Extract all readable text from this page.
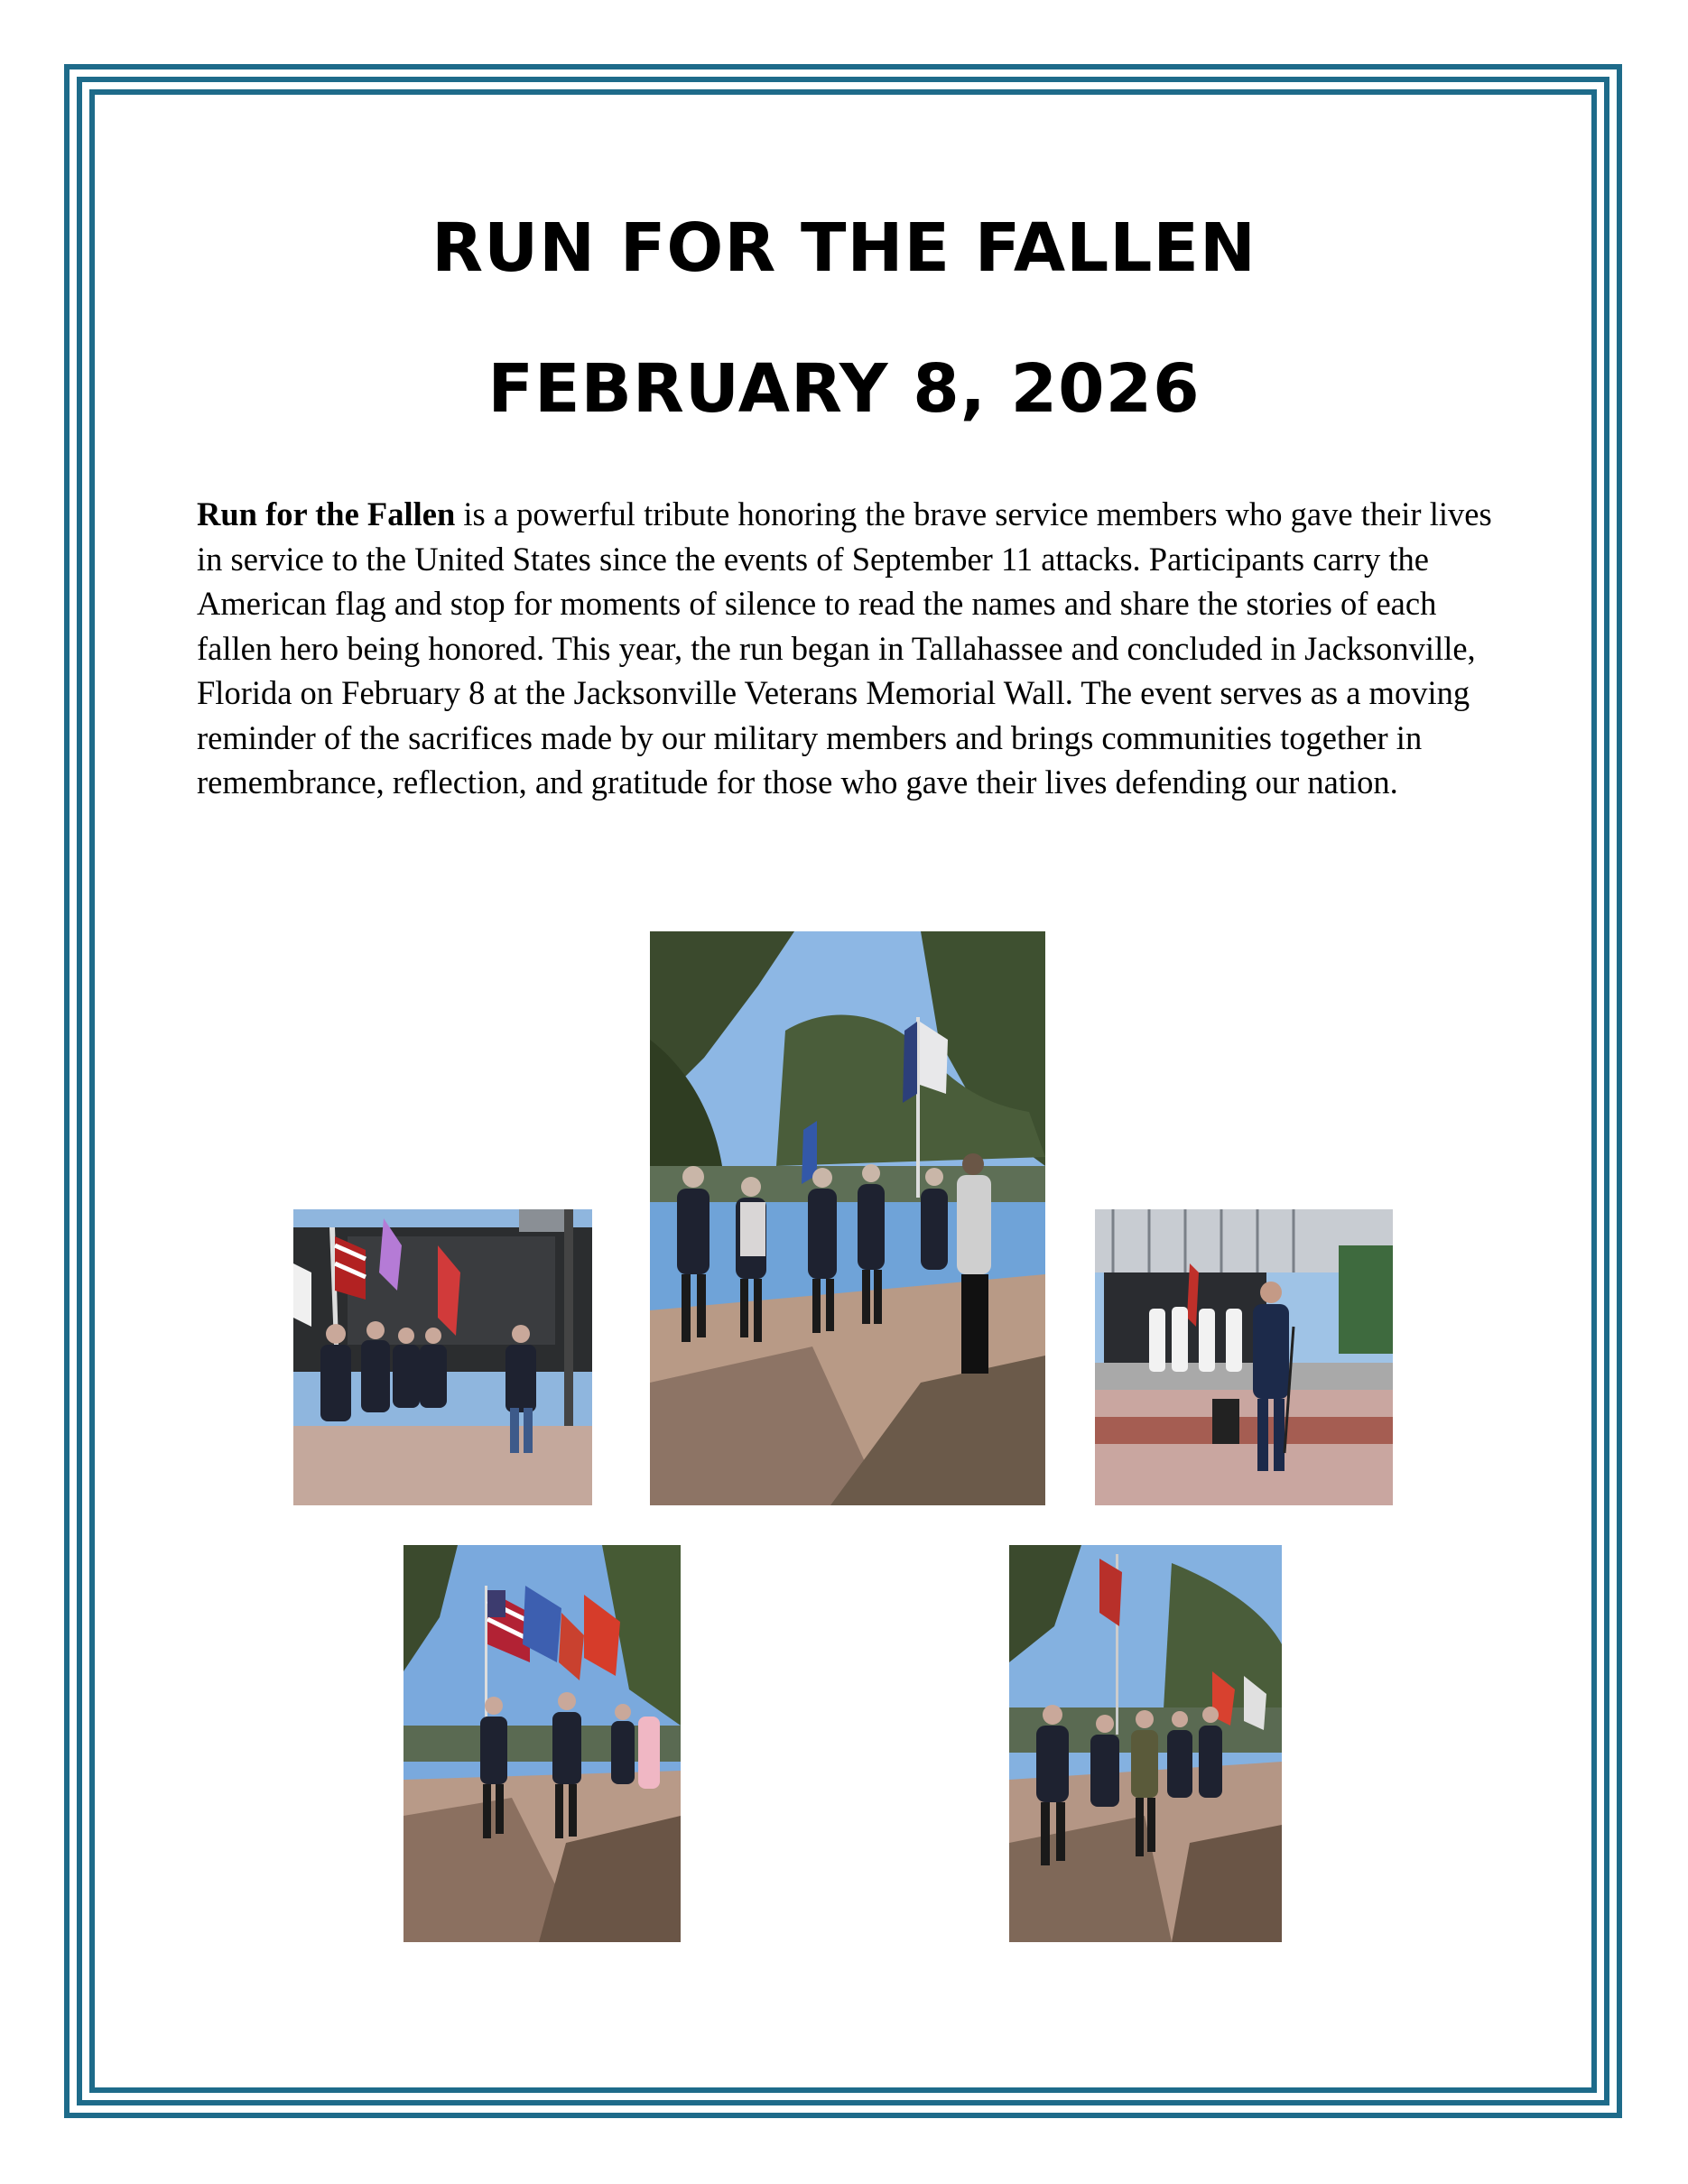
RUN FOR THE FALLEN
FEBRUARY 8, 2026

Run for the Fallen is a powerful tribute honoring the brave service members who gave their lives in service to the United States since the events of September 11 attacks. Participants carry the American flag and stop for moments of silence to read the names and share the stories of each fallen hero being honored. This year, the run began in Tallahassee and concluded in Jacksonville, Florida on February 8 at the Jacksonville Veterans Memorial Wall. The event serves as a moving reminder of the sacrifices made by our military members and brings communities together in remembrance, reflection, and gratitude for those who gave their lives defending our nation.
